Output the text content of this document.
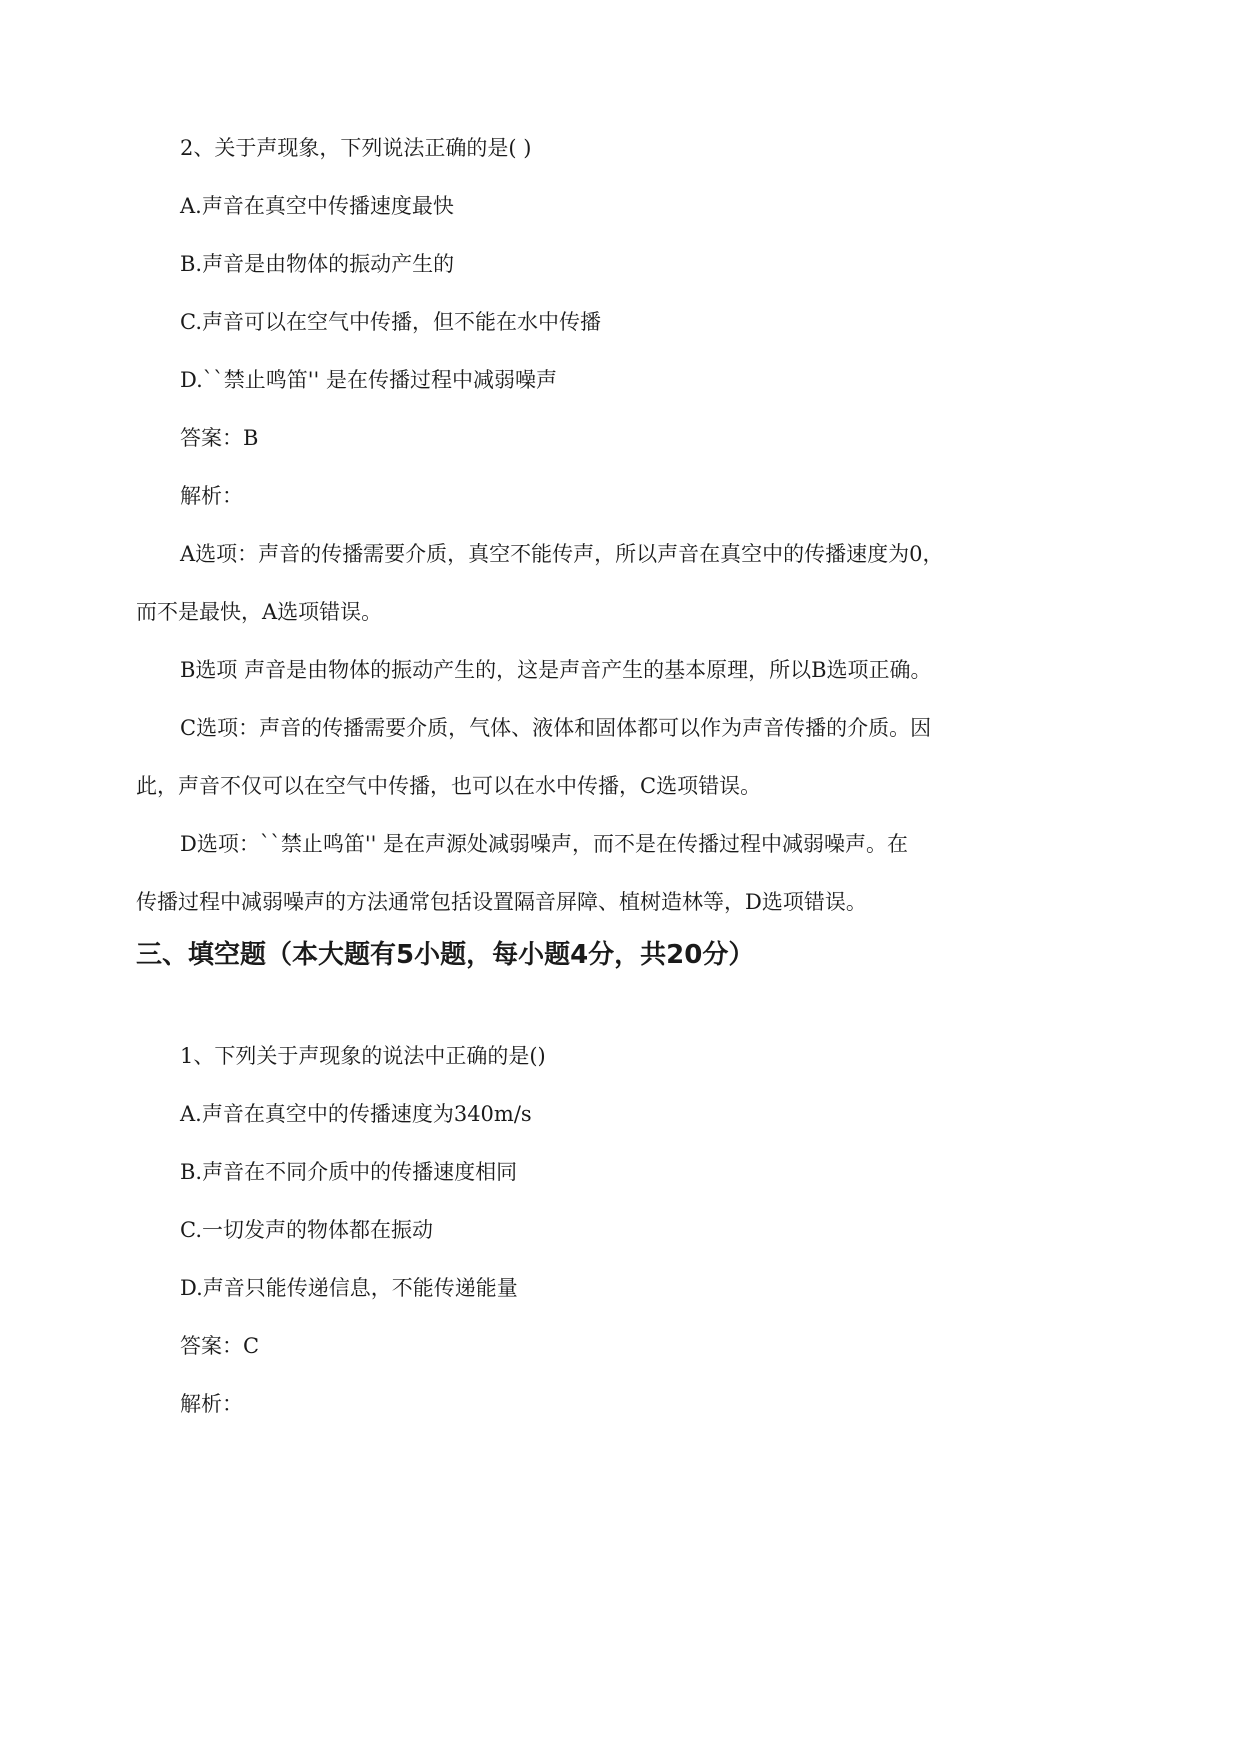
2、关于声现象，下列说法正确的是( )
A.声音在真空中传播速度最快
B.声音是由物体的振动产生的
C.声音可以在空气中传播，但不能在水中传播
D.``禁止鸣笛'' 是在传播过程中减弱噪声
答案：B
解析：
A选项：声音的传播需要介质，真空不能传声，所以声音在真空中的传播速度为0，
而不是最快，A选项错误。
B选项 声音是由物体的振动产生的，这是声音产生的基本原理，所以B选项正确。
C选项：声音的传播需要介质，气体、液体和固体都可以作为声音传播的介质。因
此，声音不仅可以在空气中传播，也可以在水中传播，C选项错误。
D选项：``禁止鸣笛'' 是在声源处减弱噪声，而不是在传播过程中减弱噪声。在
传播过程中减弱噪声的方法通常包括设置隔音屏障、植树造林等，D选项错误。
三、填空题（本大题有5小题，每小题4分，共20分）
1、下列关于声现象的说法中正确的是()
A.声音在真空中的传播速度为340m/s
B.声音在不同介质中的传播速度相同
C.一切发声的物体都在振动
D.声音只能传递信息，不能传递能量
答案：C
解析：
